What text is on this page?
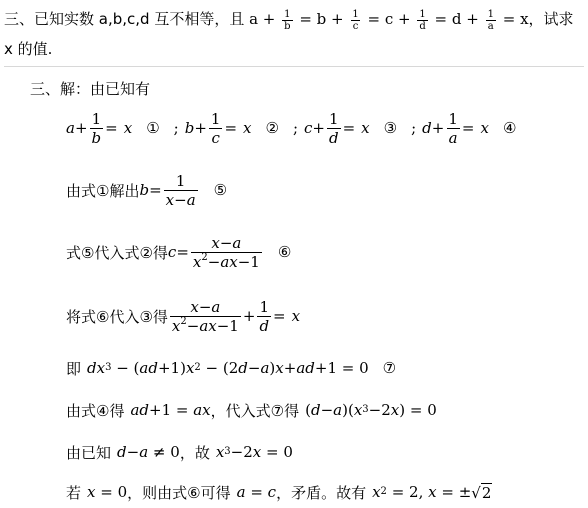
三、已知实数 a,b,c,d 互不相等，且 $a + \frac{1}{b} = b + \frac{1}{c} = c + \frac{1}{d} = d + \frac{1}{a} = x$，试求 x 的值.
三、解：由已知有
$a + \frac{1}{b} = x$ ① ; $b + \frac{1}{c} = x$ ② ; $c + \frac{1}{d} = x$ ③ ; $d + \frac{1}{a} = x$ ④
由式①解出 $b = \frac{1}{x-a}$ ⑤
式⑤代入式②得 $c = \frac{x-a}{x^2-ax-1}$ ⑥
将式⑥代入③得 $\frac{x-a}{x^2-ax-1} + \frac{1}{d} = x$
即 dx 3 − ( ad +1) x 2 − (2 d − a ) x + ad +1 = 0 ⑦
由式④得 ad +1 = ax ，代入式⑦得 ( d − a )( x 3 −2 x ) = 0
由已知 d − a ≠ 0 ，故 x 3 −2 x = 0
若 x = 0 ，则由式⑥可得 a = c ，矛盾。故有 x 2 = 2, x = ± √ 2
